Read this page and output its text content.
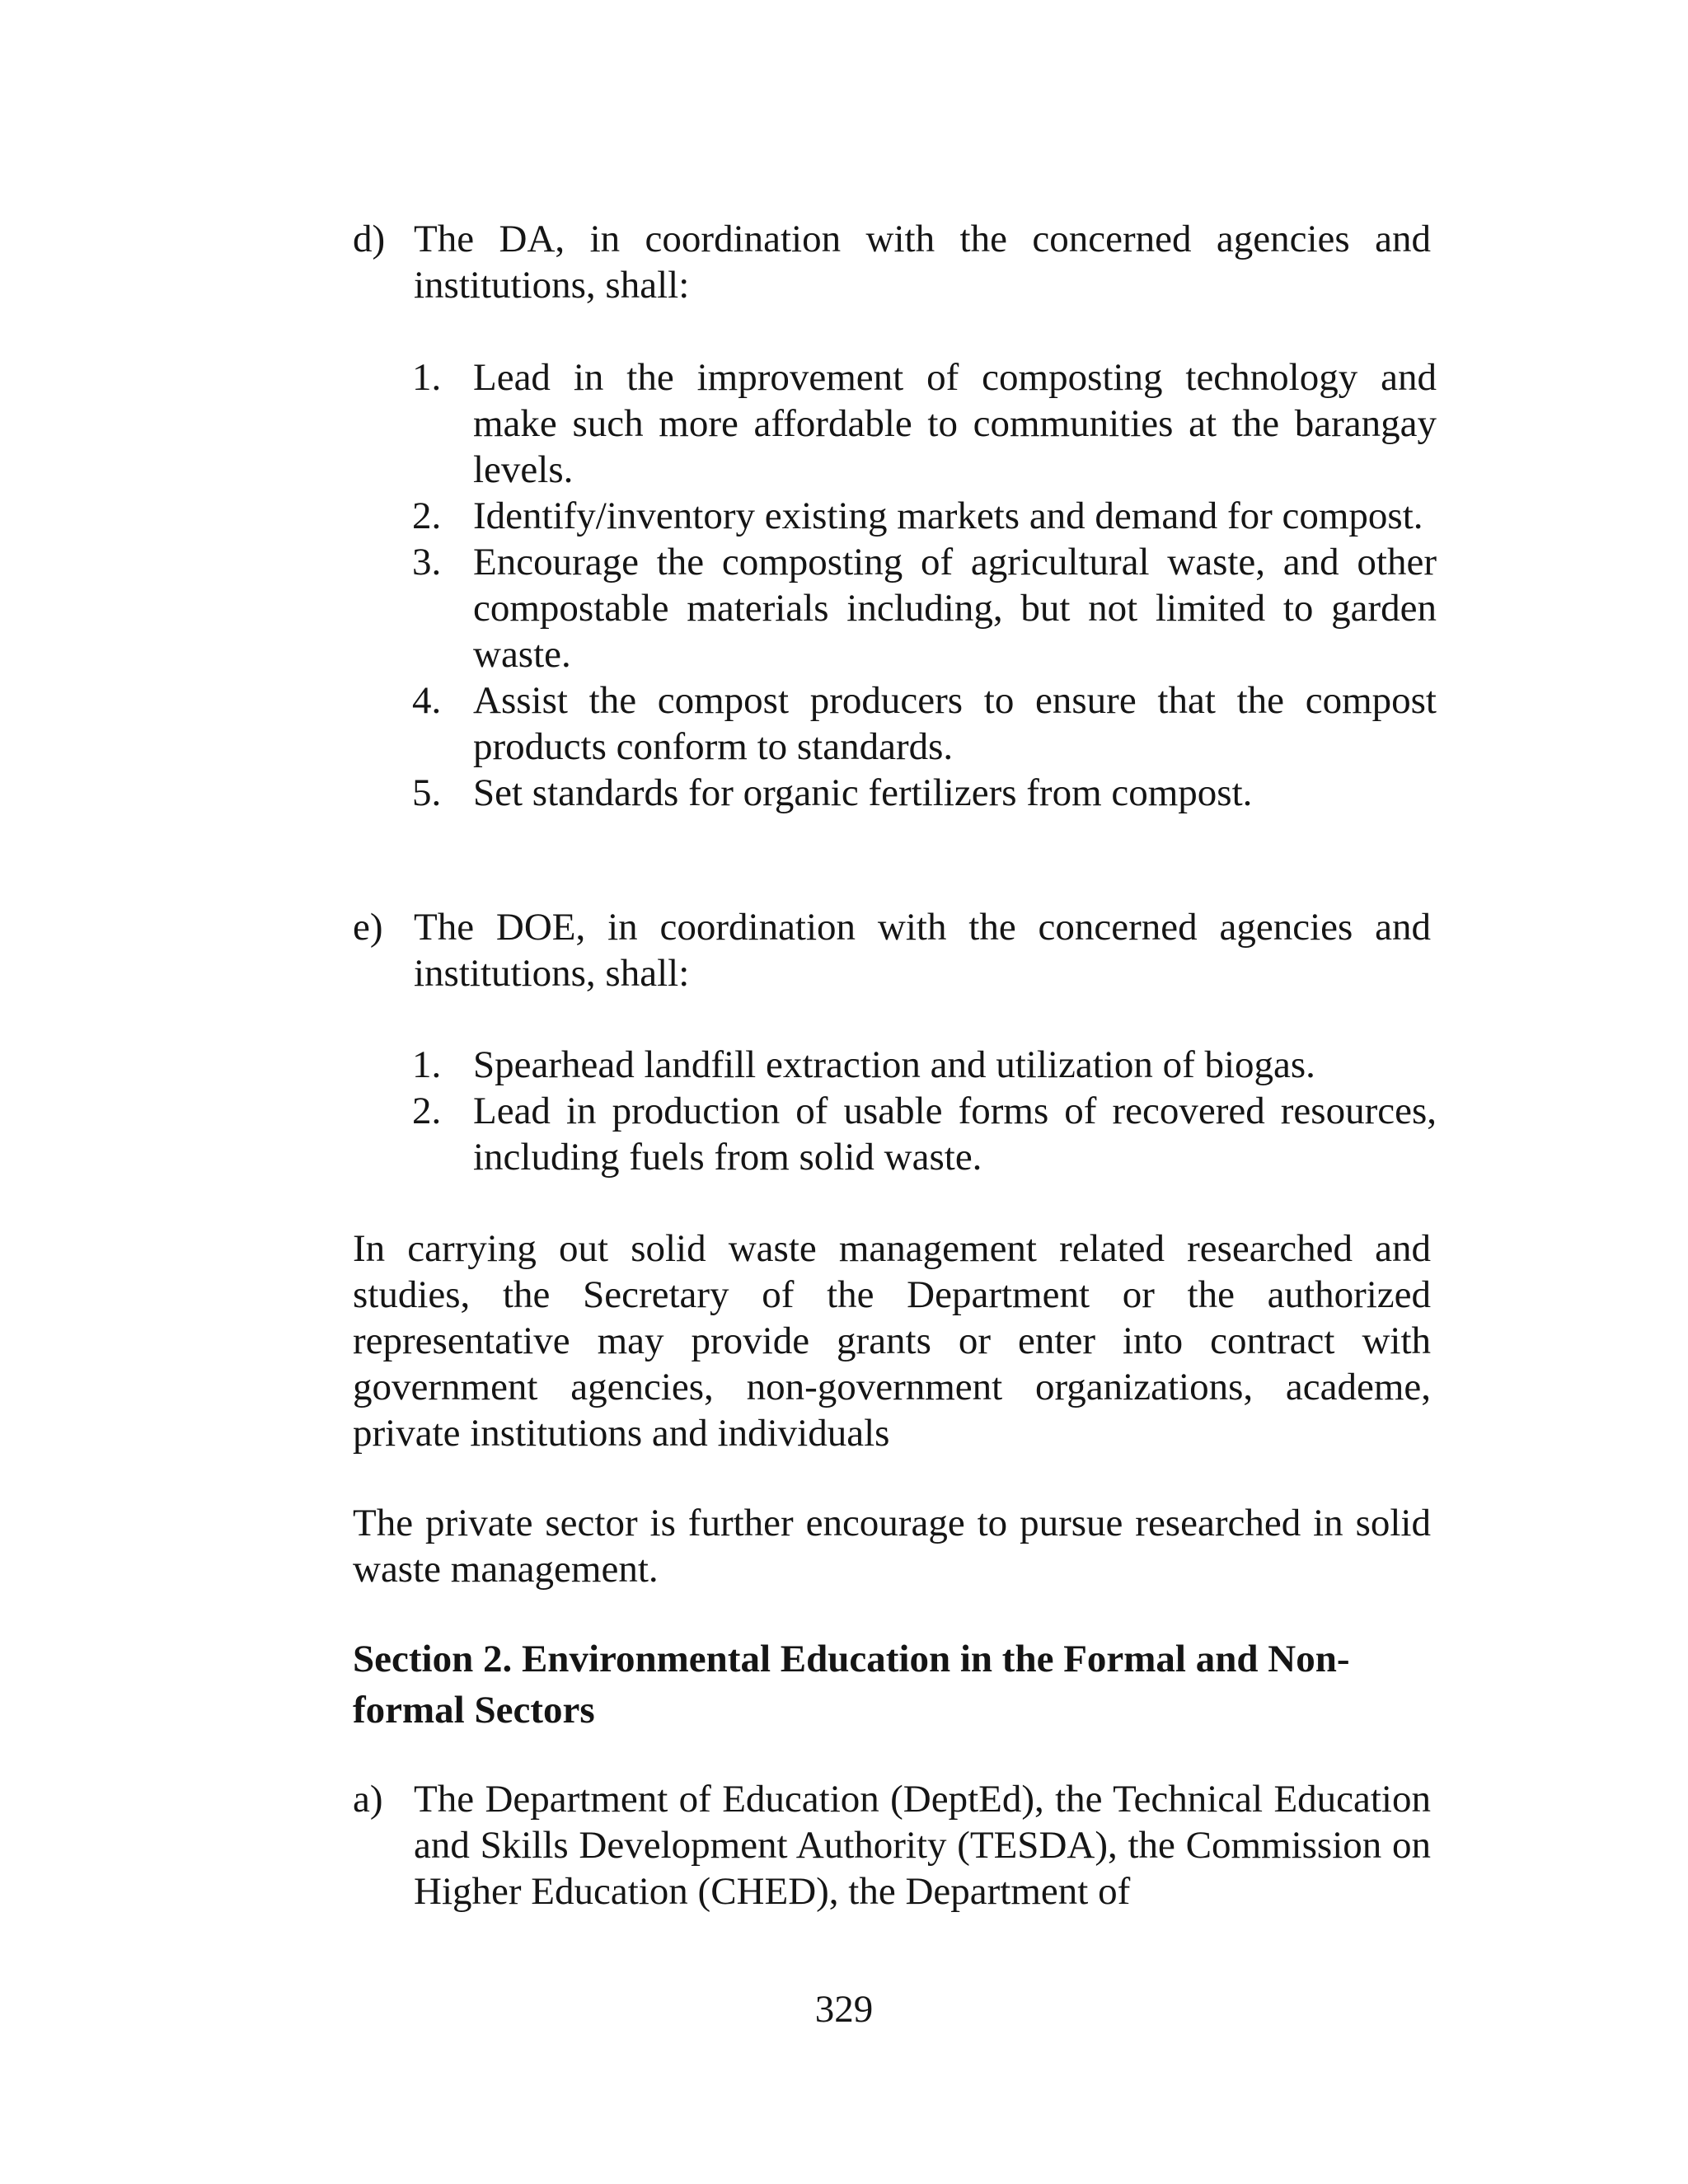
d) The DA, in coordination with the concerned agencies and institutions, shall:
1. Lead in the improvement of composting technology and make such more affordable to communities at the barangay levels.
2. Identify/inventory existing markets and demand for compost.
3. Encourage the composting of agricultural waste, and other compostable materials including, but not limited to garden waste.
4. Assist the compost producers to ensure that the compost products conform to standards.
5. Set standards for organic fertilizers from compost.
e) The DOE, in coordination with the concerned agencies and institutions, shall:
1. Spearhead landfill extraction and utilization of biogas.
2. Lead in production of usable forms of recovered resources, including fuels from solid waste.
In carrying out solid waste management related researched and studies, the Secretary of the Department or the authorized representative may provide grants or enter into contract with government agencies, non-government organizations, academe, private institutions and individuals
The private sector is further encourage to pursue researched in solid waste management.
Section 2. Environmental Education in the Formal and Non-formal Sectors
a) The Department of Education (DeptEd), the Technical Education and Skills Development Authority (TESDA), the Commission on Higher Education (CHED), the Department of
329
